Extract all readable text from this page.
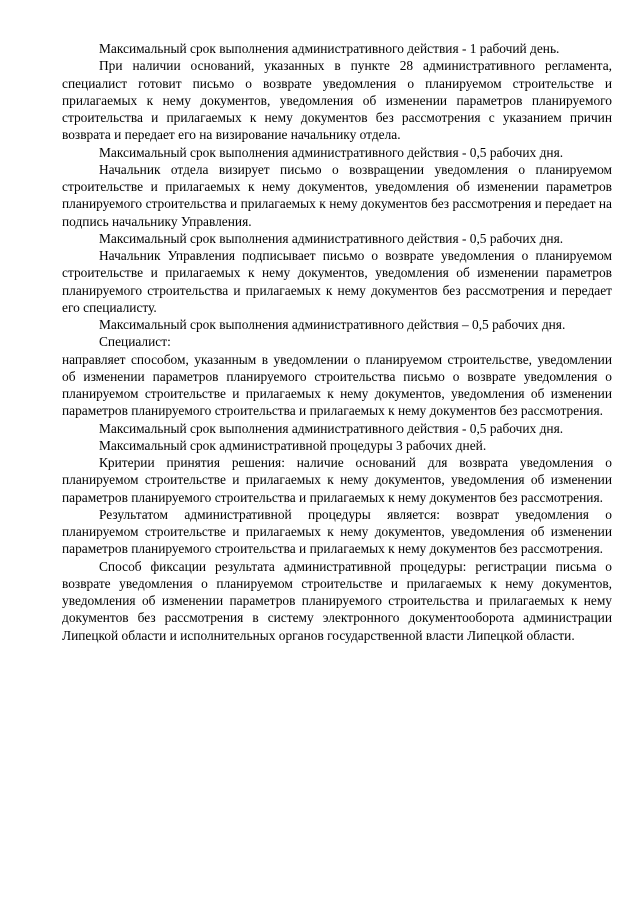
Максимальный срок выполнения административного действия - 1 рабочий день.

При наличии оснований, указанных в пункте 28 административного регламента, специалист готовит письмо о возврате уведомления о планируемом строительстве и прилагаемых к нему документов, уведомления об изменении параметров планируемого строительства и прилагаемых к нему документов без рассмотрения с указанием причин возврата и передает его на визирование начальнику отдела.

Максимальный срок выполнения административного действия - 0,5 рабочих дня.

Начальник отдела визирует письмо о возвращении уведомления о планируемом строительстве и прилагаемых к нему документов, уведомления об изменении параметров планируемого строительства и прилагаемых к нему документов без рассмотрения и передает на подпись начальнику Управления.

Максимальный срок выполнения административного действия - 0,5 рабочих дня.

Начальник Управления подписывает письмо о возврате уведомления о планируемом строительстве и прилагаемых к нему документов, уведомления об изменении параметров планируемого строительства и прилагаемых к нему документов без рассмотрения и передает его специалисту.

Максимальный срок выполнения административного действия – 0,5 рабочих дня.

Специалист:

направляет способом, указанным в уведомлении о планируемом строительстве, уведомлении об изменении параметров планируемого строительства письмо о возврате уведомления о планируемом строительстве и прилагаемых к нему документов, уведомления об изменении параметров планируемого строительства и прилагаемых к нему документов без рассмотрения.

Максимальный срок выполнения административного действия - 0,5 рабочих дня.

Максимальный срок административной процедуры 3 рабочих дней.

Критерии принятия решения: наличие оснований для возврата уведомления о планируемом строительстве и прилагаемых к нему документов, уведомления об изменении параметров планируемого строительства и прилагаемых к нему документов без рассмотрения.

Результатом административной процедуры является: возврат уведомления о планируемом строительстве и прилагаемых к нему документов, уведомления об изменении параметров планируемого строительства и прилагаемых к нему документов без рассмотрения.

Способ фиксации результата административной процедуры: регистрации письма о возврате уведомления о планируемом строительстве и прилагаемых к нему документов, уведомления об изменении параметров планируемого строительства и прилагаемых к нему документов без рассмотрения в систему электронного документооборота администрации Липецкой области и исполнительных органов государственной власти Липецкой области.
